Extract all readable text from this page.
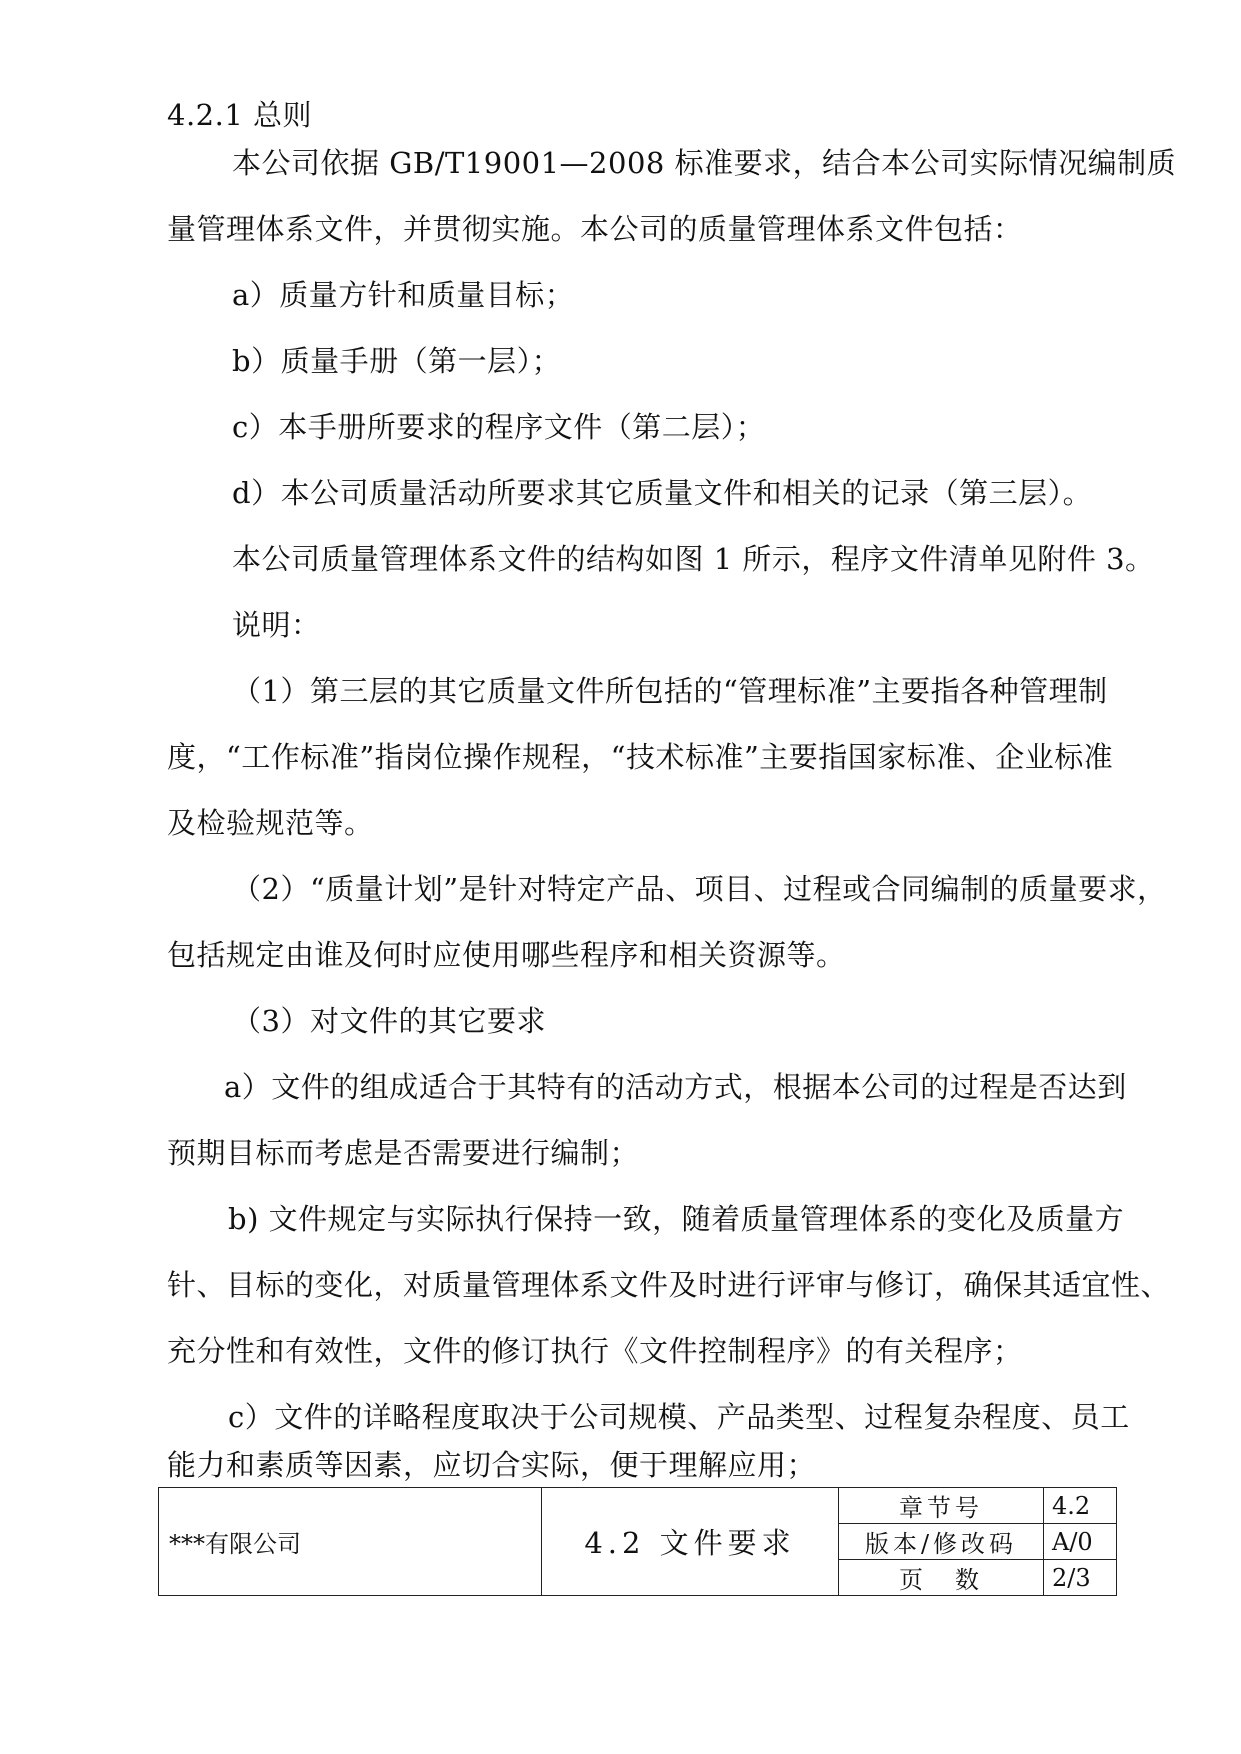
4.2.1 总则
本公司依据 GB/T19001—2008 标准要求，结合本公司实际情况编制质
量管理体系文件，并贯彻实施。本公司的质量管理体系文件包括：
a）质量方针和质量目标；
b）质量手册（第一层）；
c）本手册所要求的程序文件（第二层）；
d）本公司质量活动所要求其它质量文件和相关的记录（第三层）。
本公司质量管理体系文件的结构如图 1 所示，程序文件清单见附件 3。
说明：
（1）第三层的其它质量文件所包括的“管理标准”主要指各种管理制
度，“工作标准”指岗位操作规程，“技术标准”主要指国家标准、企业标准
及检验规范等。
（2）“质量计划”是针对特定产品、项目、过程或合同编制的质量要求，
包括规定由谁及何时应使用哪些程序和相关资源等。
（3）对文件的其它要求
a）文件的组成适合于其特有的活动方式，根据本公司的过程是否达到
预期目标而考虑是否需要进行编制；
b) 文件规定与实际执行保持一致，随着质量管理体系的变化及质量方
针、目标的变化，对质量管理体系文件及时进行评审与修订，确保其适宜性、
充分性和有效性，文件的修订执行《文件控制程序》的有关程序；
c）文件的详略程度取决于公司规模、产品类型、过程复杂程度、员工
能力和素质等因素，应切合实际，便于理解应用；
***有限公司	4.2 文件要求	章节号	4.2
		版本/修改码	A/0
		页　数	2/3
